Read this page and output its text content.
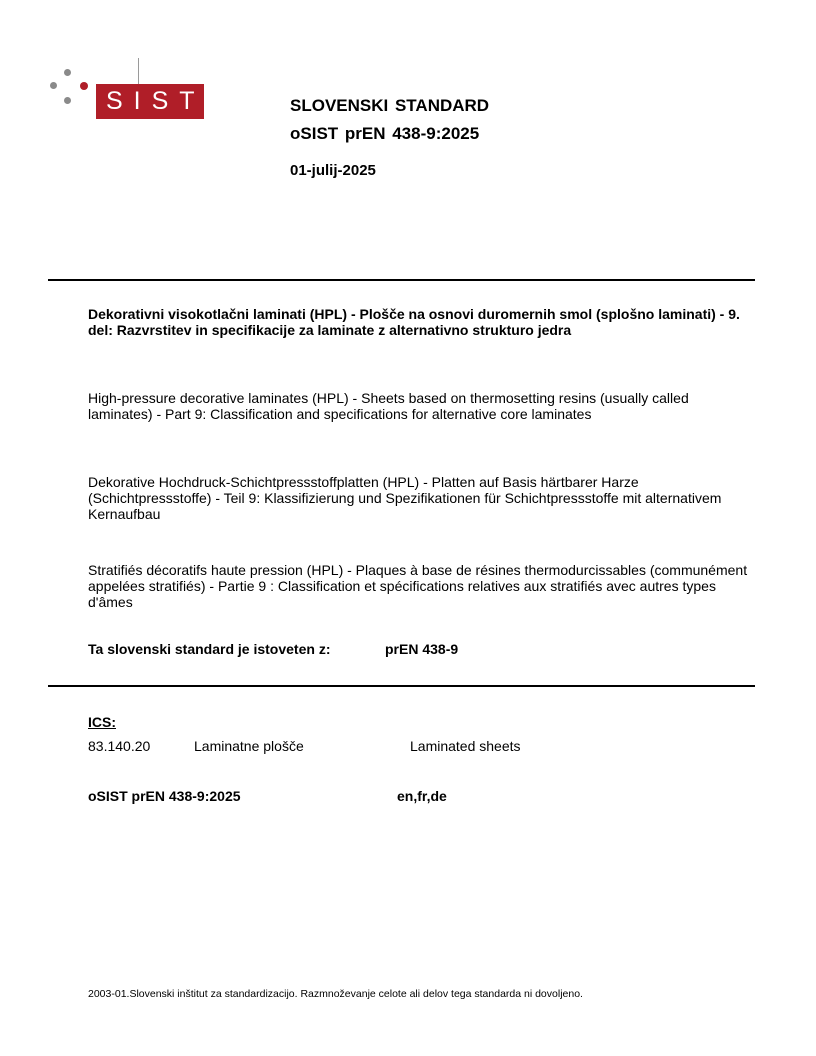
SIST	SLOVENSKI STANDARD
oSIST prEN 438-9:2025
01-julij-2025
Dekorativni visokotlačni laminati (HPL) - Plošče na osnovi duromernih smol (splošno laminati) - 9. del: Razvrstitev in specifikacije za laminate z alternativno strukturo jedra
High-pressure decorative laminates (HPL) - Sheets based on thermosetting resins (usually called laminates) - Part 9: Classification and specifications for alternative core laminates
Dekorative Hochdruck-Schichtpressstoffplatten (HPL) - Platten auf Basis härtbarer Harze (Schichtpressstoffe) - Teil 9: Klassifizierung und Spezifikationen für Schichtpressstoffe mit alternativem Kernaufbau
Stratifiés décoratifs haute pression (HPL) - Plaques à base de résines thermodurcissables (communément appelées stratifiés) - Partie 9 : Classification et spécifications relatives aux stratifiés avec autres types d'âmes
Ta slovenski standard je istoveten z:	prEN 438-9
ICS:
83.140.20	Laminatne plošče	Laminated sheets
oSIST prEN 438-9:2025	en,fr,de
2003-01.Slovenski inštitut za standardizacijo. Razmnoževanje celote ali delov tega standarda ni dovoljeno.
